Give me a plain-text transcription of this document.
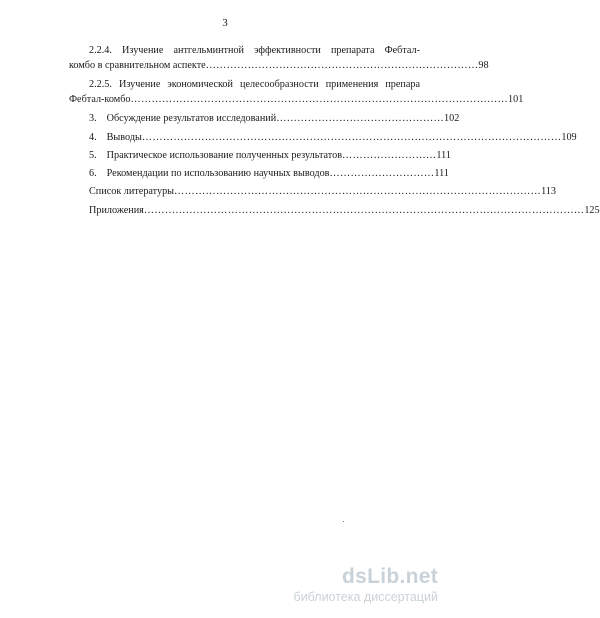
3
2.2.4. Изучение антгельминтной эффективности препарата Фебтал-
комбо в сравнительном аспекте …………………………………………………………………… 98
2.2.5. Изучение экономической целесообразности применения препара
Фебтал-комбо ……………………………………………………………………………………………… 101
3. Обсуждение результатов исследований ………………………………………… 102
4. Выводы ………………………………………………………………………………………………………… 109
5. Практическое использование полученных результатов ……………………… 111
6. Рекомендации по использованию научных выводов ………………………… 111
Список литературы …………………………………………………………………………………………… 113
Приложения ……………………………………………………………………………………………………………… 125
dsLib.net
библиотека диссертаций
